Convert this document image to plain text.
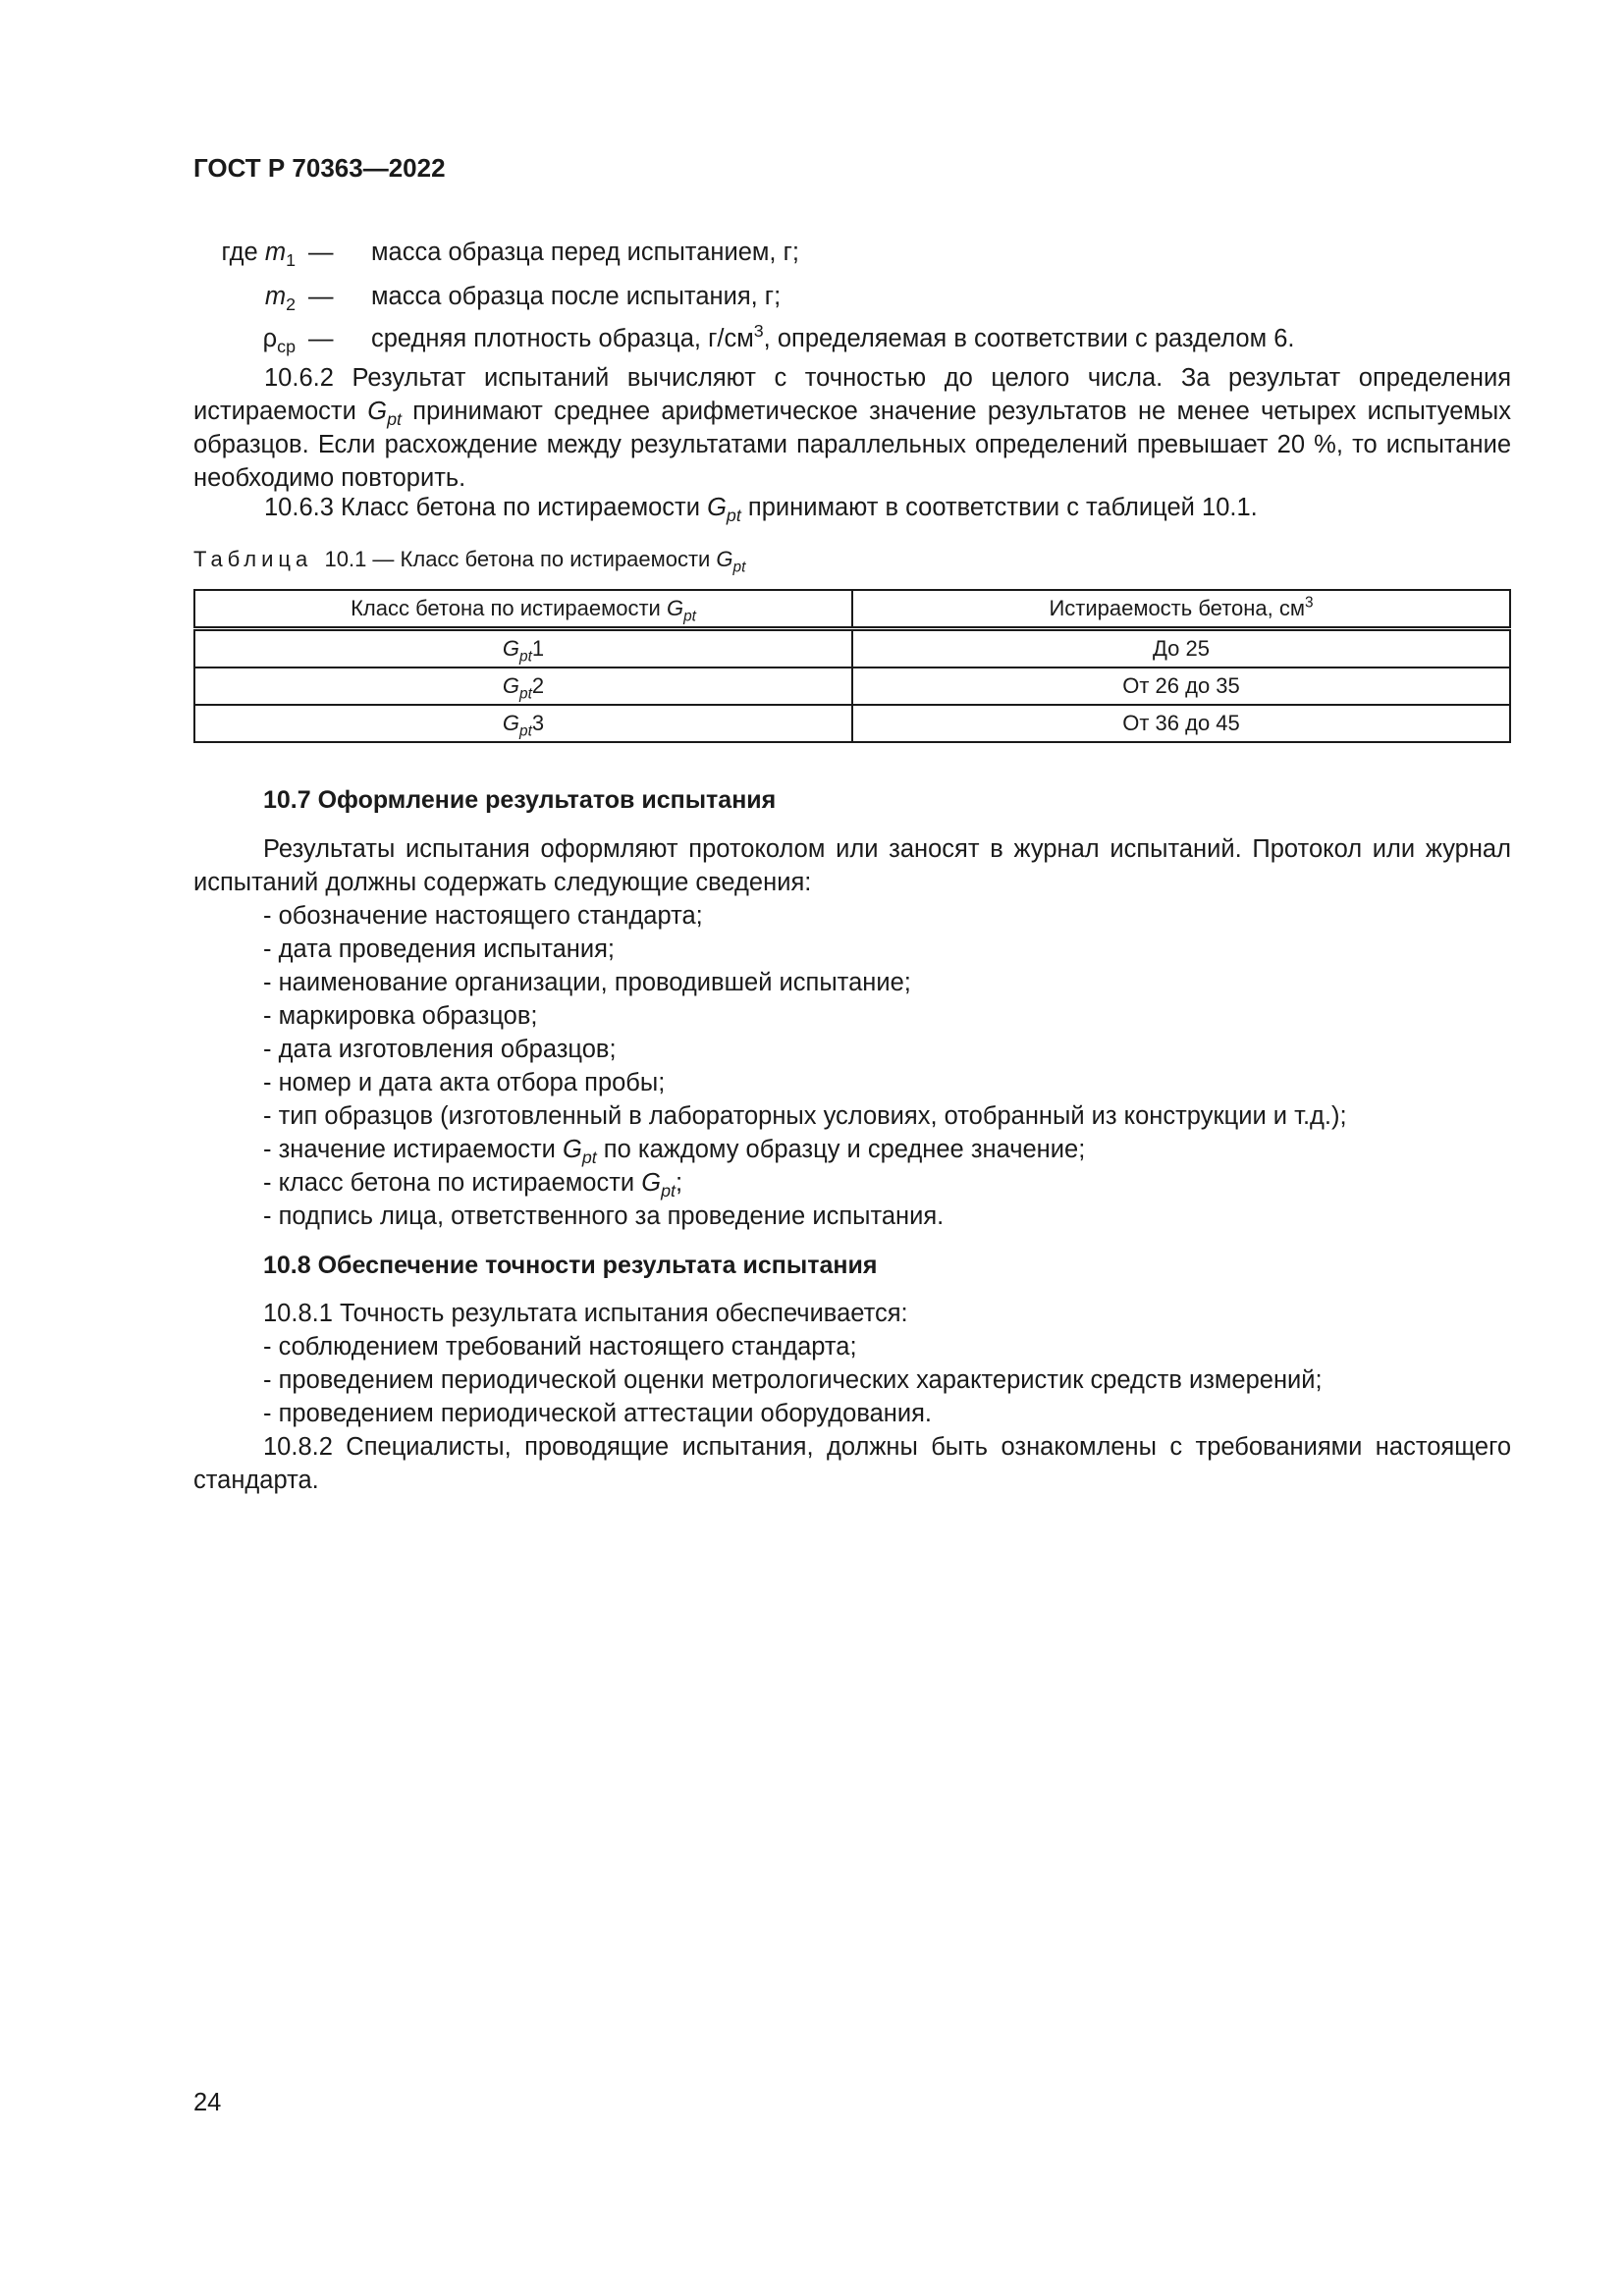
ГОСТ Р 70363—2022
где $m_1$ — масса образца перед испытанием, г;
$m_2$ — масса образца после испытания, г;
$\rho_{ср}$ — средняя плотность образца, $г/см^3$, определяемая в соответствии с разделом 6.

10.6.2 Результат испытаний вычисляют с точностью до целого числа. За результат определения истираемости $G_{pt}$ принимают среднее арифметическое значение результатов не менее четырех испытуемых образцов. Если расхождение между результатами параллельных определений превышает 20 %, то испытание необходимо повторить.

10.6.3 Класс бетона по истираемости $G_{pt}$ принимают в соответствии с таблицей 10.1.

Таблица 10.1 — Класс бетона по истираемости $G_{pt}$
Класс бетона по истираемости $G_{pt}$	Истираемость бетона, $см^3$
$G_{pt}1$	До 25
$G_{pt}2$	От 26 до 35
$G_{pt}3$	От 36 до 45
10.7 Оформление результатов испытания

Результаты испытания оформляют протоколом или заносят в журнал испытаний. Протокол или журнал испытаний должны содержать следующие сведения:

- обозначение настоящего стандарта;

- дата проведения испытания;

- наименование организации, проводившей испытание;

- маркировка образцов;

- дата изготовления образцов;

- номер и дата акта отбора пробы;

- тип образцов (изготовленный в лабораторных условиях, отобранный из конструкции и т.д.);

- значение истираемости $G_{pt}$ по каждому образцу и среднее значение;

- класс бетона по истираемости $G_{pt}$;

- подпись лица, ответственного за проведение испытания.

10.8 Обеспечение точности результата испытания

10.8.1 Точность результата испытания обеспечивается:

- соблюдением требований настоящего стандарта;

- проведением периодической оценки метрологических характеристик средств измерений;

- проведением периодической аттестации оборудования.

10.8.2 Специалисты, проводящие испытания, должны быть ознакомлены с требованиями настоящего стандарта.

24
